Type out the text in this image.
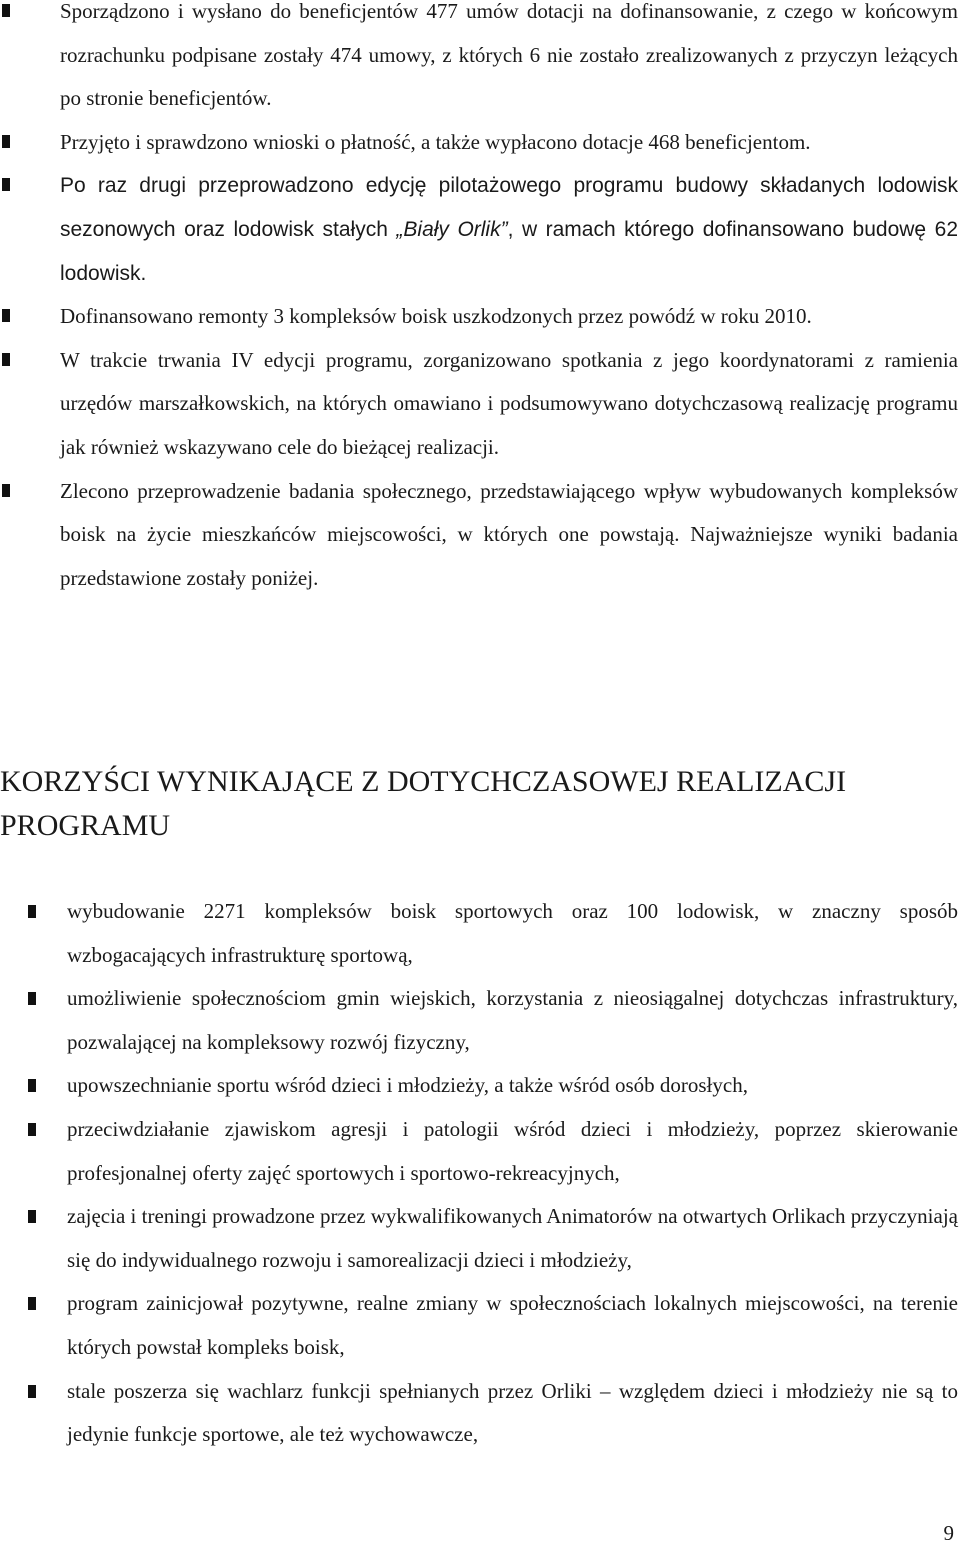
Sporządzono i wysłano do beneficjentów 477 umów dotacji na dofinansowanie, z czego w końcowym rozrachunku podpisane zostały 474 umowy, z których 6 nie zostało zrealizowanych z przyczyn leżących po stronie beneficjentów.
Przyjęto i sprawdzono wnioski o płatność, a także wypłacono dotacje 468 beneficjentom.
Po raz drugi przeprowadzono edycję pilotażowego programu budowy składanych lodowisk sezonowych oraz lodowisk stałych „Biały Orlik”, w ramach którego dofinansowano budowę 62 lodowisk.
Dofinansowano remonty 3 kompleksów boisk uszkodzonych przez powódź w roku 2010.
W trakcie trwania IV edycji programu, zorganizowano spotkania z jego koordynatorami z ramienia urzędów marszałkowskich, na których omawiano i podsumowywano dotychczasową realizację programu jak również wskazywano cele do bieżącej realizacji.
Zlecono przeprowadzenie badania społecznego, przedstawiającego wpływ wybudowanych kompleksów boisk na życie mieszkańców miejscowości, w których one powstają. Najważniejsze wyniki badania przedstawione zostały poniżej.
KORZYŚCI WYNIKAJĄCE Z DOTYCHCZASOWEJ REALIZACJI PROGRAMU
wybudowanie 2271 kompleksów boisk sportowych oraz 100 lodowisk, w znaczny sposób wzbogacających infrastrukturę sportową,
umożliwienie społecznościom gmin wiejskich, korzystania z nieosiągalnej dotychczas infrastruktury, pozwalającej na kompleksowy rozwój fizyczny,
upowszechnianie sportu wśród dzieci i młodzieży, a także wśród osób dorosłych,
przeciwdziałanie zjawiskom agresji i patologii wśród dzieci i młodzieży, poprzez skierowanie profesjonalnej oferty zajęć sportowych i sportowo-rekreacyjnych,
zajęcia i treningi prowadzone przez wykwalifikowanych Animatorów na otwartych Orlikach przyczyniają się do indywidualnego rozwoju i samorealizacji dzieci i młodzieży,
program zainicjował pozytywne, realne zmiany w społecznościach lokalnych miejscowości, na terenie których powstał kompleks boisk,
stale poszerza się wachlarz funkcji spełnianych przez Orliki – względem dzieci i młodzieży nie są to jedynie funkcje sportowe, ale też wychowawcze,
9
